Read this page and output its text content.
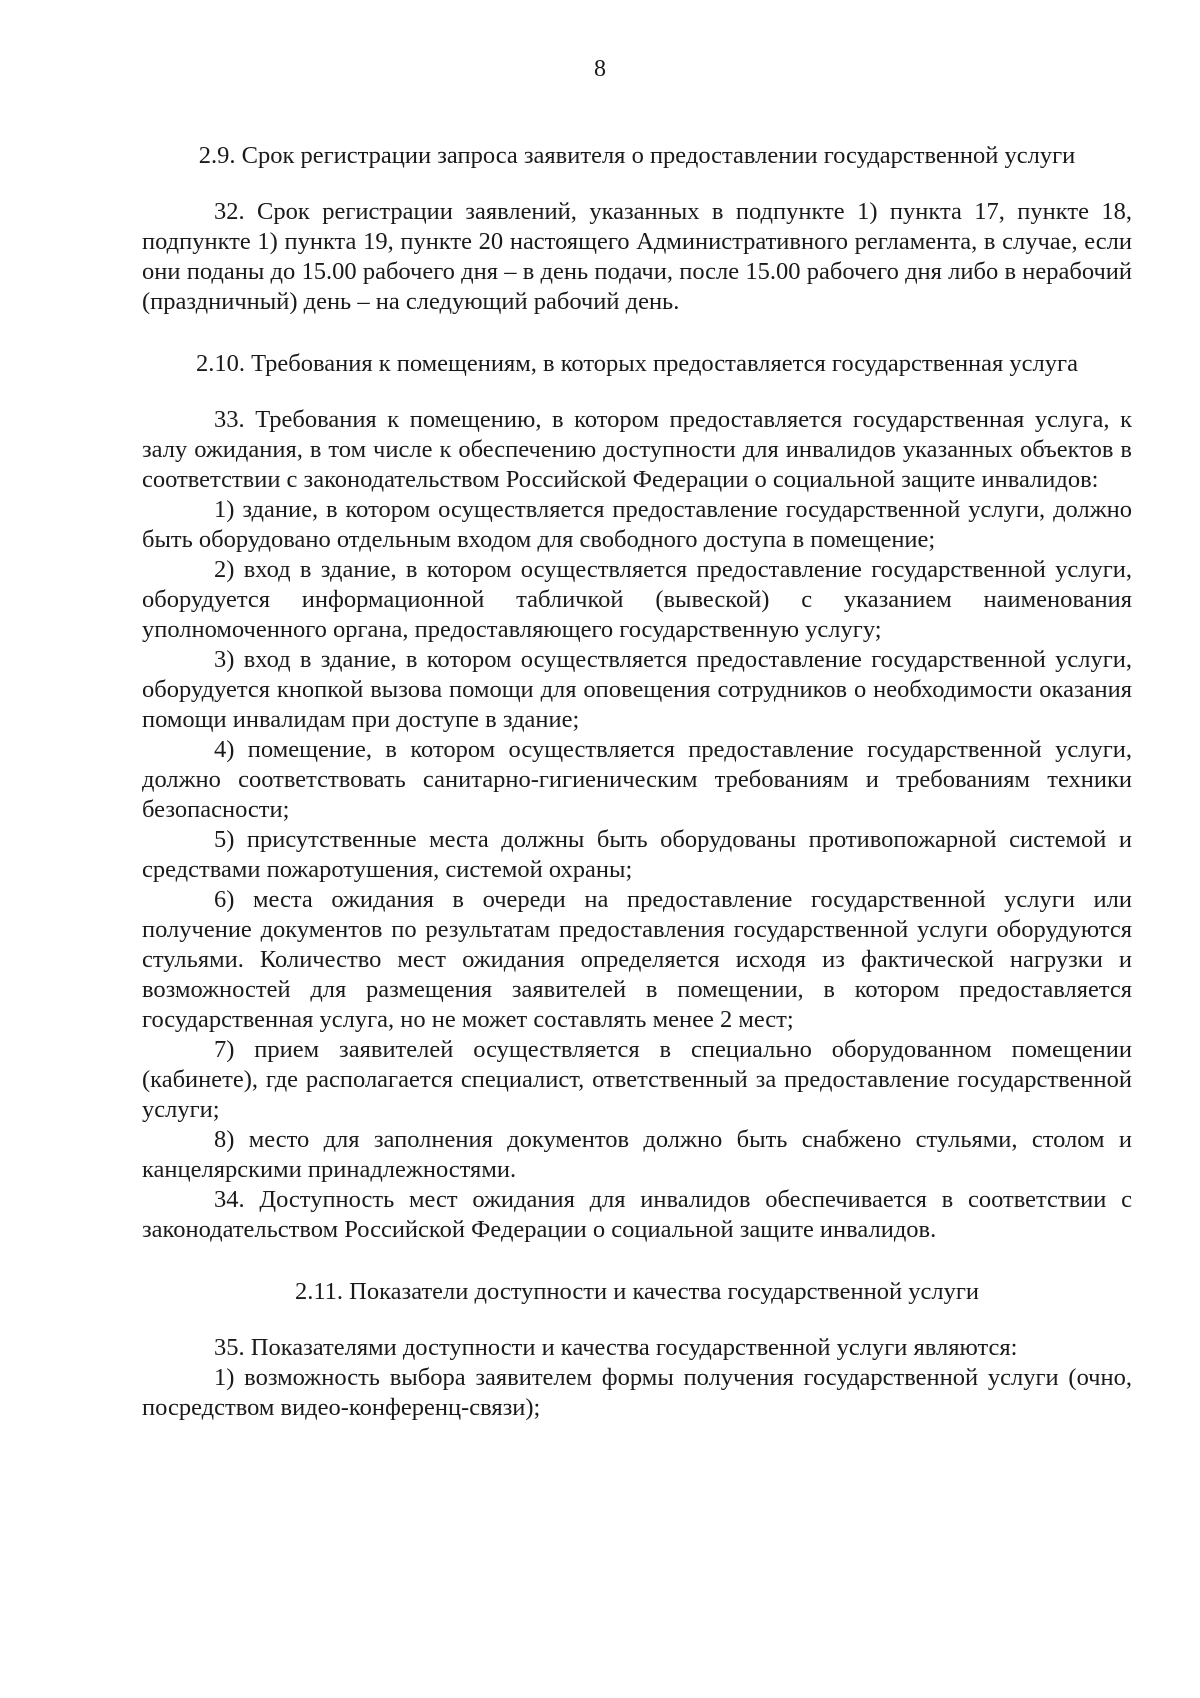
8
2.9. Срок регистрации запроса заявителя о предоставлении государственной услуги

32. Срок регистрации заявлений, указанных в подпункте 1) пункта 17, пункте 18, подпункте 1) пункта 19, пункте 20 настоящего Административного регламента, в случае, если они поданы до 15.00 рабочего дня – в день подачи, после 15.00 рабочего дня либо в нерабочий (праздничный) день – на следующий рабочий день.

2.10. Требования к помещениям, в которых предоставляется государственная услуга

33. Требования к помещению, в котором предоставляется государственная услуга, к залу ожидания, в том числе к обеспечению доступности для инвалидов указанных объектов в соответствии с законодательством Российской Федерации о социальной защите инвалидов:

1) здание, в котором осуществляется предоставление государственной услуги, должно быть оборудовано отдельным входом для свободного доступа в помещение;

2) вход в здание, в котором осуществляется предоставление государственной услуги, оборудуется информационной табличкой (вывеской) с указанием наименования уполномоченного органа, предоставляющего государственную услугу;

3) вход в здание, в котором осуществляется предоставление государственной услуги, оборудуется кнопкой вызова помощи для оповещения сотрудников о необходимости оказания помощи инвалидам при доступе в здание;

4) помещение, в котором осуществляется предоставление государственной услуги, должно соответствовать санитарно-гигиеническим требованиям и требованиям техники безопасности;

5) присутственные места должны быть оборудованы противопожарной системой и средствами пожаротушения, системой охраны;

6) места ожидания в очереди на предоставление государственной услуги или получение документов по результатам предоставления государственной услуги оборудуются стульями. Количество мест ожидания определяется исходя из фактической нагрузки и возможностей для размещения заявителей в помещении, в котором предоставляется государственная услуга, но не может составлять менее 2 мест;

7) прием заявителей осуществляется в специально оборудованном помещении (кабинете), где располагается специалист, ответственный за предоставление государственной услуги;

8) место для заполнения документов должно быть снабжено стульями, столом и канцелярскими принадлежностями.

34. Доступность мест ожидания для инвалидов обеспечивается в соответствии с законодательством Российской Федерации о социальной защите инвалидов.

2.11. Показатели доступности и качества государственной услуги

35. Показателями доступности и качества государственной услуги являются:

1) возможность выбора заявителем формы получения государственной услуги (очно, посредством видео-конференц-связи);
